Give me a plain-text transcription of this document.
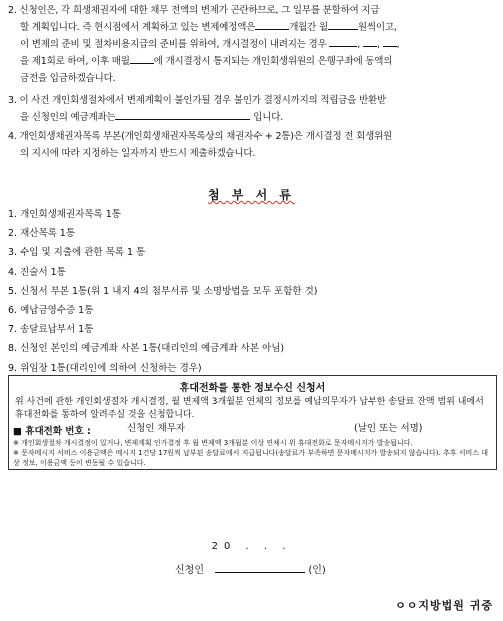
2. 신청인은, 각 희생채권자에 대한 채무 전액의 변제가 곤란하므로, 그 일부를 분할하여 지급
할 계획입니다. 즉 현시점에서 계획하고 있는 변제예정액은	개월간 월	원씩이고,
이 변제의 준비 및 절차비용지급의 준비를 위하여, 개시결정이 내려지는 경우	, , ,
을 제1회로 하여, 이후 매월	에 개시결정시 통지되는 개인회생위원의 은행구좌에 동액의
금전을 입금하겠습니다.
3. 이 사건 개인회생절차에서 변제계획이 불인가될 경우 불인가 결정시까지의 적립금을 반환받
을 신청인의 예금계좌는	입니다.
4. 개인회생채권자목록 부본(개인회생채권자목록상의 채권자수 + 2통)은 개시결정 전 회생위원
의 지시에 따라 지정하는 일자까지 반드시 제출하겠습니다.
첨 부 서 류
1. 개인회생채권자목록 1통
2. 재산목록 1통
3. 수입 및 지출에 관한 목록 1 통
4. 진술서 1통
5. 신청서 부본 1통(위 1 내지 4의 첨부서류 및 소명방법을 모두 포함한 것)
6. 예납금영수증 1통
7. 송달료납부서 1통
8. 신청인 본인의 예금계좌 사본 1통(대리인의 예금계좌 사본 아님)
9. 위임장 1통(대리인에 의하여 신청하는 경우)
휴대전화를 통한 정보수신 신청서
위 사건에 관한 개인회생절차 개시결정, 월 변제액 3개월분 연체의 정보를 예납의무자가 납부한 송달료 잔액 범위 내에서 휴대전화를 통하여 알려주실 것을 신청합니다.
■ 휴대전화 번호 :	신청인 채무자	(날인 또는 서명)
※ 개인회생절차 개시결정이 있거나, 변제계획 인가결정 후 월 변제액 3개월분 이상 연체시 위 휴대전화로 문자메시지가 발송됩니다.
※ 문자메시지 서비스 이용금액은 메시지 1건당 17원씩 납부된 송달료에서 지급됩니다(송달료가 부족하면 문자메시지가 발송되지 않습니다). 추후 서비스 대상 정보, 이용금액 등이 변동될 수 있습니다.
20 . . .
신청인	(인)
ㅇㅇ지방법원 귀중
